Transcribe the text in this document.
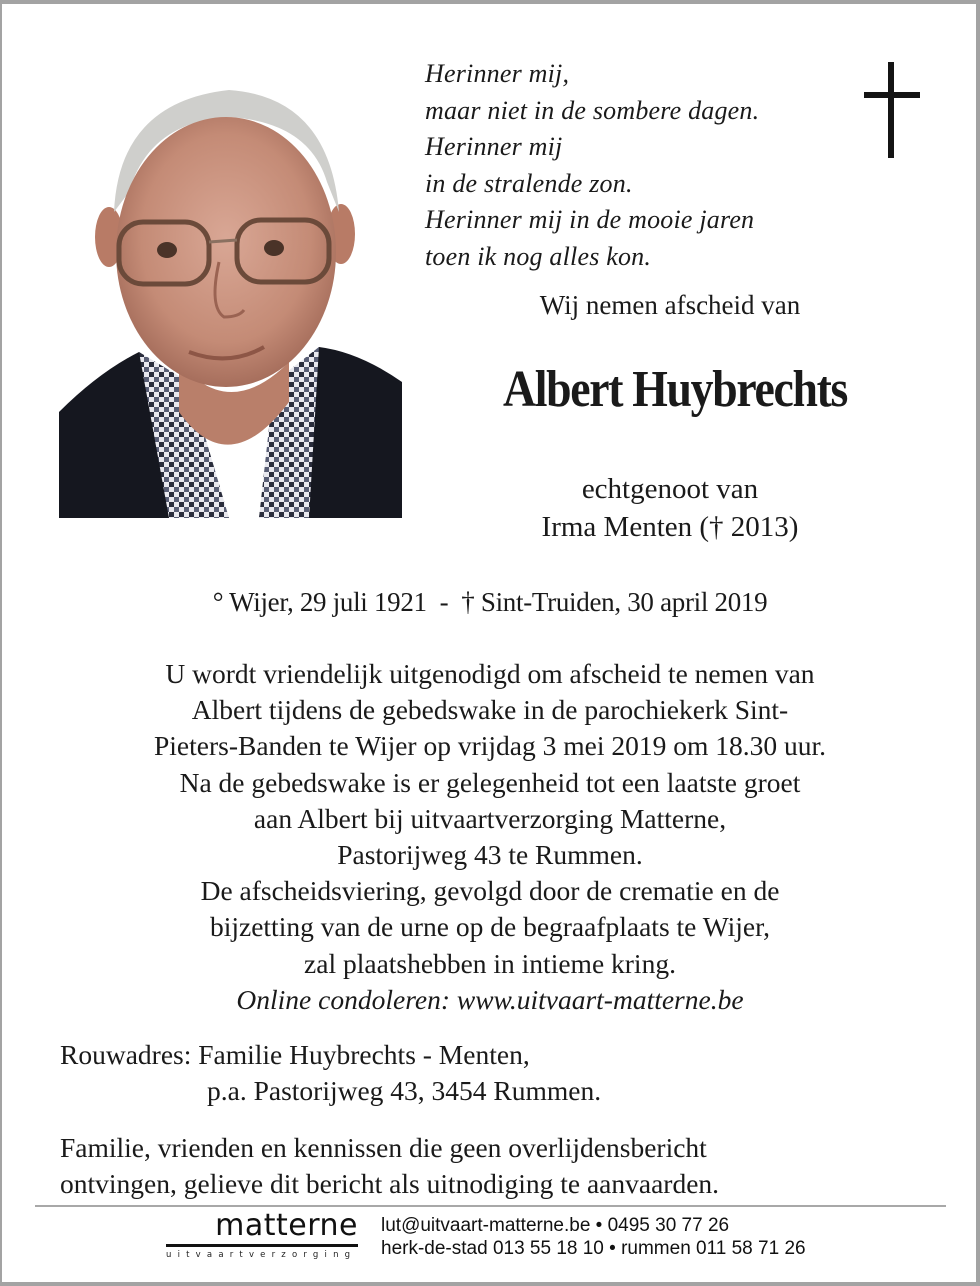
Herinner mij,
maar niet in de sombere dagen.
Herinner mij
in de stralende zon.
Herinner mij in de mooie jaren
toen ik nog alles kon.
Wij nemen afscheid van
Albert Huybrechts
echtgenoot van
Irma Menten († 2013)
° Wijer, 29 juli 1921  -  † Sint-Truiden, 30 april 2019
U wordt vriendelijk uitgenodigd om afscheid te nemen van
Albert tijdens de gebedswake in de parochiekerk Sint-
Pieters-Banden te Wijer op vrijdag 3 mei 2019 om 18.30 uur.
Na de gebedswake is er gelegenheid tot een laatste groet
aan Albert bij uitvaartverzorging Matterne,
Pastorijweg 43 te Rummen.
De afscheidsviering, gevolgd door de crematie en de
bijzetting van de urne op de begraafplaats te Wijer,
zal plaatshebben in intieme kring.
Online condoleren: www.uitvaart-matterne.be
Rouwadres: Familie Huybrechts - Menten,
p.a. Pastorijweg 43, 3454 Rummen.
Familie, vrienden en kennissen die geen overlijdensbericht
ontvingen, gelieve dit bericht als uitnodiging te aanvaarden.
matterne
uitvaartverzorging
lut@uitvaart-matterne.be • 0495 30 77 26
herk-de-stad 013 55 18 10 • rummen 011 58 71 26
